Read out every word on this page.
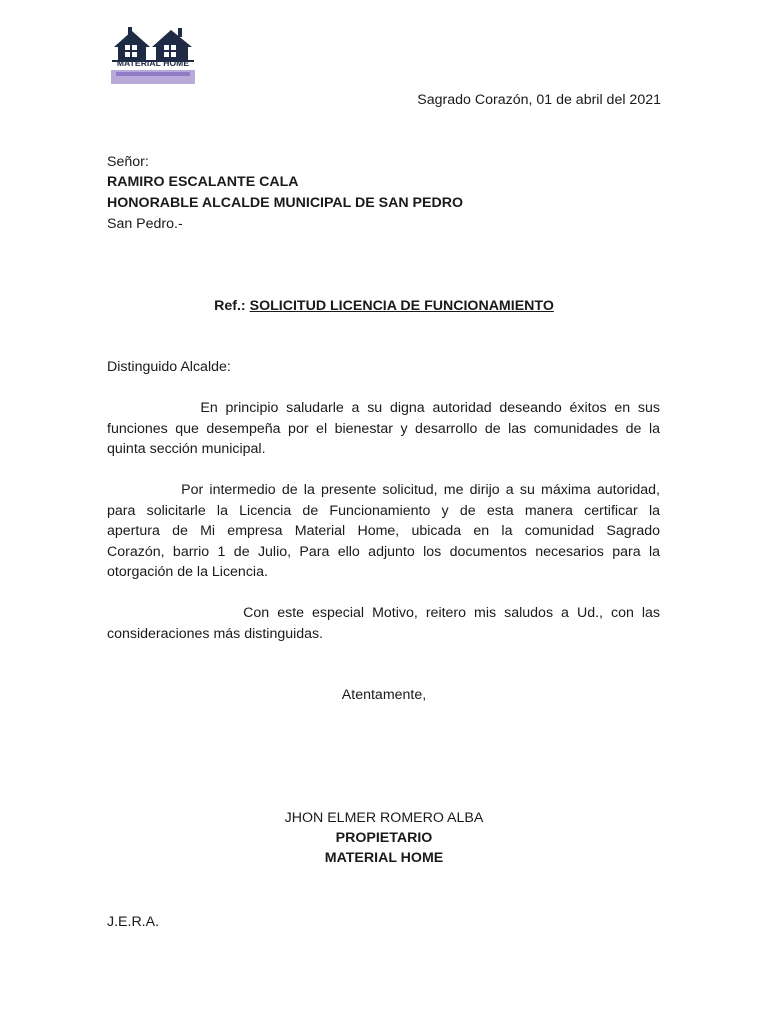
MATERIAL HOME
Sagrado Corazón, 01 de abril del 2021
Señor:
RAMIRO ESCALANTE CALA
HONORABLE ALCALDE MUNICIPAL DE SAN PEDRO
San Pedro.-
Ref.: SOLICITUD LICENCIA DE FUNCIONAMIENTO
Distinguido Alcalde:
En principio saludarle a su digna autoridad deseando éxitos en sus
funciones que desempeña por el bienestar y desarrollo de las comunidades de la
quinta sección municipal.
Por intermedio de la presente solicitud, me dirijo a su máxima autoridad,
para solicitarle la Licencia de Funcionamiento y de esta manera certificar la
apertura de Mi empresa Material Home, ubicada en la comunidad Sagrado
Corazón, barrio 1 de Julio, Para ello adjunto los documentos necesarios para la
otorgación de la Licencia.
Con este especial Motivo, reitero mis saludos a Ud., con las
consideraciones más distinguidas.
Atentamente,
JHON ELMER ROMERO ALBA
PROPIETARIO
MATERIAL HOME
J.E.R.A.
